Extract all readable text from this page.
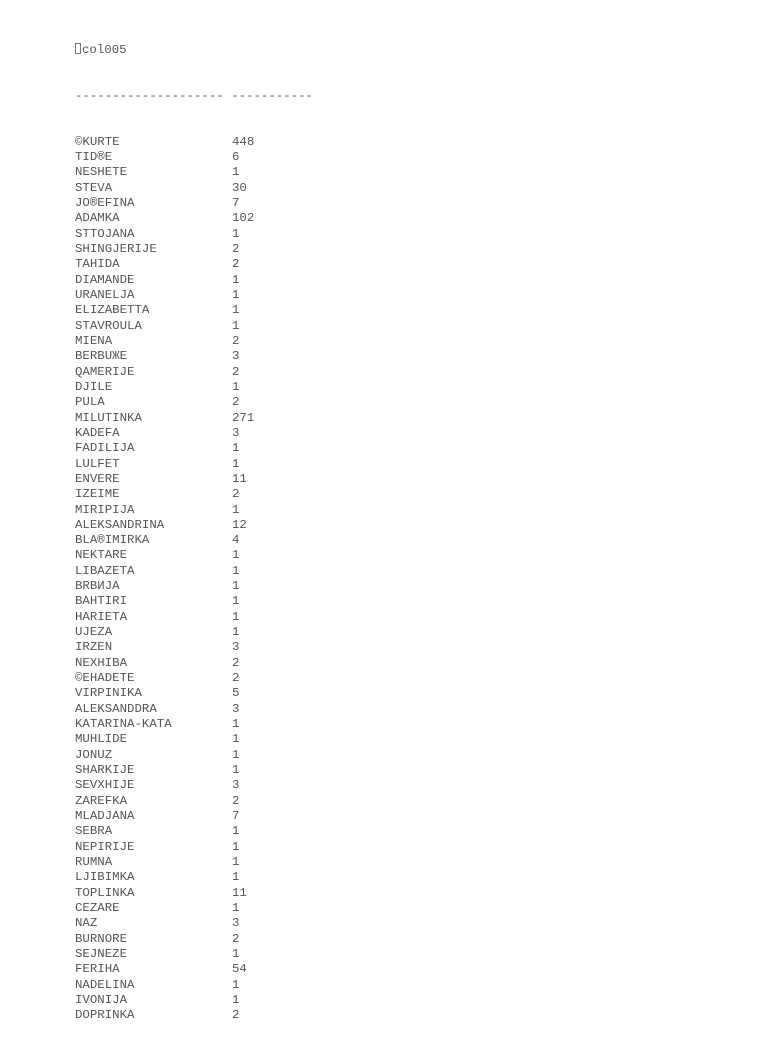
col005

-------------------- -----------

©KURTE	448
TID®E	6
NESHETE	1
STEVA	30
JO®EFINA	7
ADAMKA	102
STTOJANA	1
SHINGJERIJE	2
TAHIDA	2
DIAMANDE	1
URANELJA	1
ELIZABETTA	1
STAVROULA	1
MIENA	2
BERBUЖE	3
QAMERIJE	2
DJILE	1
PULA	2
MILUTINKA	271
KADEFA	3
FADILIJA	1
LULFET	1
ENVERE	11
IZEIME	2
MIRIPIJA	1
ALEKSANDRINA	12
BLA®IMIRKA	4
NEKTARE	1
LIBAZETA	1
BRBИJA	1
BAHTIRI	1
HARIETA	1
UJEZA	1
IRZEN	3
NEXHIBA	2
©EHADETE	2
VIRPINIKA	5
ALEKSANDDRA	3
KATARINA-KATA	1
MUHLIDE	1
JONUZ	1
SHARKIJE	1
SEVXHIJE	3
ZAREFKA	2
MLADJANA	7
SEBRA	1
NEPIRIJE	1
RUMNA	1
LJIBIMKA	1
TOPLINKA	11
CEZARE	1
NAZ	3
BURNORE	2
SEJNEZE	1
FERIHA	54
NADELINA	1
IVONIJA	1
DOPRINKA	2
